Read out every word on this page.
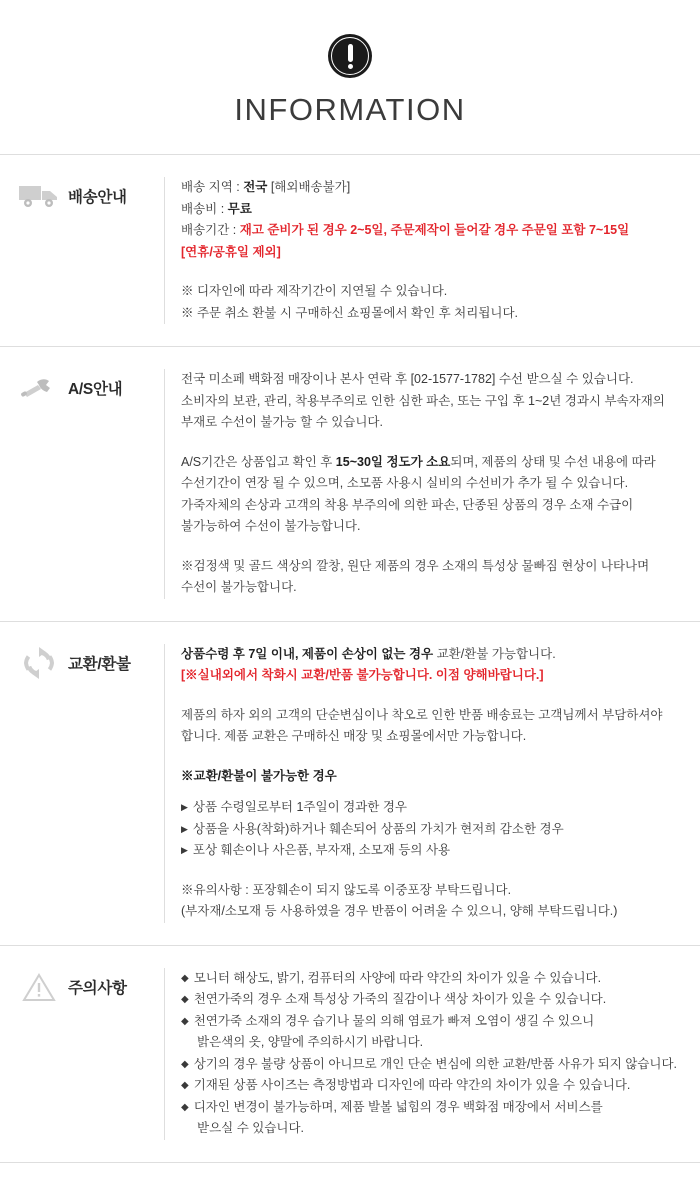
INFORMATION
배송안내

배송 지역 : 전국 [해외배송불가]

배송비 : 무료

배송기간 : 재고 준비가 된 경우 2~5일, 주문제작이 들어갈 경우 주문일 포함 7~15일

[연휴/공휴일 제외]

※ 디자인에 따라 제작기간이 지연될 수 있습니다.

※ 주문 취소 환불 시 구매하신 쇼핑몰에서 확인 후 처리됩니다.

A/S안내

전국 미소페 백화점 매장이나 본사 연락 후 [02-1577-1782] 수선 받으실 수 있습니다.

소비자의 보관, 관리, 착용부주의로 인한 심한 파손, 또는 구입 후 1~2년 경과시 부속자재의

부재로 수선이 불가능 할 수 있습니다.

A/S기간은 상품입고 확인 후 15~30일 정도가 소요되며, 제품의 상태 및 수선 내용에 따라

수선기간이 연장 될 수 있으며, 소모품 사용시 실비의 수선비가 추가 될 수 있습니다.

가죽자체의 손상과 고객의 착용 부주의에 의한 파손, 단종된 상품의 경우 소재 수급이

불가능하여 수선이 불가능합니다.

※검정색 및 골드 색상의 깔창, 원단 제품의 경우 소재의 특성상 물빠짐 현상이 나타나며

수선이 불가능합니다.

교환/환불

상품수령 후 7일 이내, 제품이 손상이 없는 경우 교환/환불 가능합니다.

[※실내외에서 착화시 교환/반품 불가능합니다. 이점 양해바랍니다.]

제품의 하자 외의 고객의 단순변심이나 착오로 인한 반품 배송료는 고객님께서 부담하셔야

합니다. 제품 교환은 구매하신 매장 및 쇼핑몰에서만 가능합니다.

※교환/환불이 불가능한 경우

▶ 상품 수령일로부터 1주일이 경과한 경우

▶ 상품을 사용(착화)하거나 훼손되어 상품의 가치가 현저희 감소한 경우

▶ 포상 훼손이나 사은품, 부자재, 소모재 등의 사용

※유의사항 : 포장훼손이 되지 않도록 이중포장 부탁드립니다.

(부자재/소모재 등 사용하였을 경우 반품이 어려울 수 있으니, 양해 부탁드립니다.)

주의사항

◆ 모니터 해상도, 밝기, 컴퓨터의 사양에 따라 약간의 차이가 있을 수 있습니다.

◆ 천연가죽의 경우 소재 특성상 가죽의 질감이나 색상 차이가 있을 수 있습니다.

◆ 천연가죽 소재의 경우 습기나 물의 의해 염료가 빠져 오염이 생길 수 있으니

밝은색의 옷, 양말에 주의하시기 바랍니다.

◆ 상기의 경우 불량 상품이 아니므로 개인 단순 변심에 의한 교환/반품 사유가 되지 않습니다.

◆ 기재된 상품 사이즈는 측정방법과 디자인에 따라 약간의 차이가 있을 수 있습니다.

◆ 디자인 변경이 불가능하며, 제품 발볼 넓힘의 경우 백화점 매장에서 서비스를

받으실 수 있습니다.
